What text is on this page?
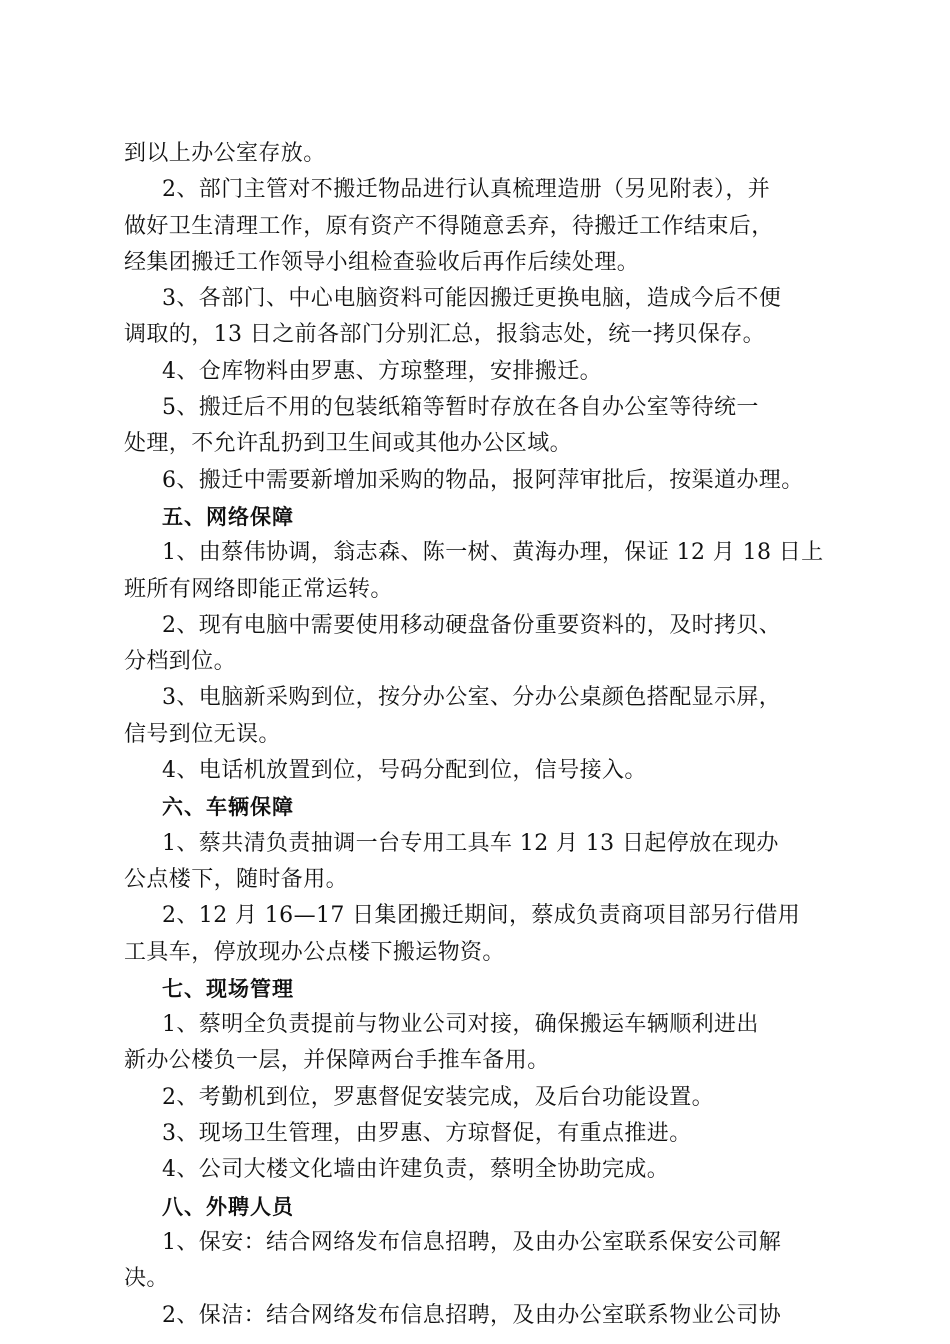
到以上办公室存放。

2、部门主管对不搬迁物品进行认真梳理造册（另见附表），并

做好卫生清理工作，原有资产不得随意丢弃，待搬迁工作结束后，

经集团搬迁工作领导小组检查验收后再作后续处理。

3、各部门、中心电脑资料可能因搬迁更换电脑，造成今后不便

调取的，13 日之前各部门分别汇总，报翁志处，统一拷贝保存。

4、仓库物料由罗惠、方琼整理，安排搬迁。

5、搬迁后不用的包装纸箱等暂时存放在各自办公室等待统一

处理，不允许乱扔到卫生间或其他办公区域。

6、搬迁中需要新增加采购的物品，报阿萍审批后，按渠道办理。

五、网络保障

1、由蔡伟协调，翁志森、陈一树、黄海办理，保证 12 月 18 日上

班所有网络即能正常运转。

2、现有电脑中需要使用移动硬盘备份重要资料的，及时拷贝、

分档到位。

3、电脑新采购到位，按分办公室、分办公桌颜色搭配显示屏，

信号到位无误。

4、电话机放置到位，号码分配到位，信号接入。

六、车辆保障

1、蔡共清负责抽调一台专用工具车 12 月 13 日起停放在现办

公点楼下，随时备用。

2、12 月 16—17 日集团搬迁期间，蔡成负责商项目部另行借用

工具车，停放现办公点楼下搬运物资。

七、现场管理

1、蔡明全负责提前与物业公司对接，确保搬运车辆顺利进出

新办公楼负一层，并保障两台手推车备用。

2、考勤机到位，罗惠督促安装完成，及后台功能设置。

3、现场卫生管理，由罗惠、方琼督促，有重点推进。

4、公司大楼文化墙由许建负责，蔡明全协助完成。

八、外聘人员

1、保安：结合网络发布信息招聘，及由办公室联系保安公司解

决。

2、保洁：结合网络发布信息招聘，及由办公室联系物业公司协
